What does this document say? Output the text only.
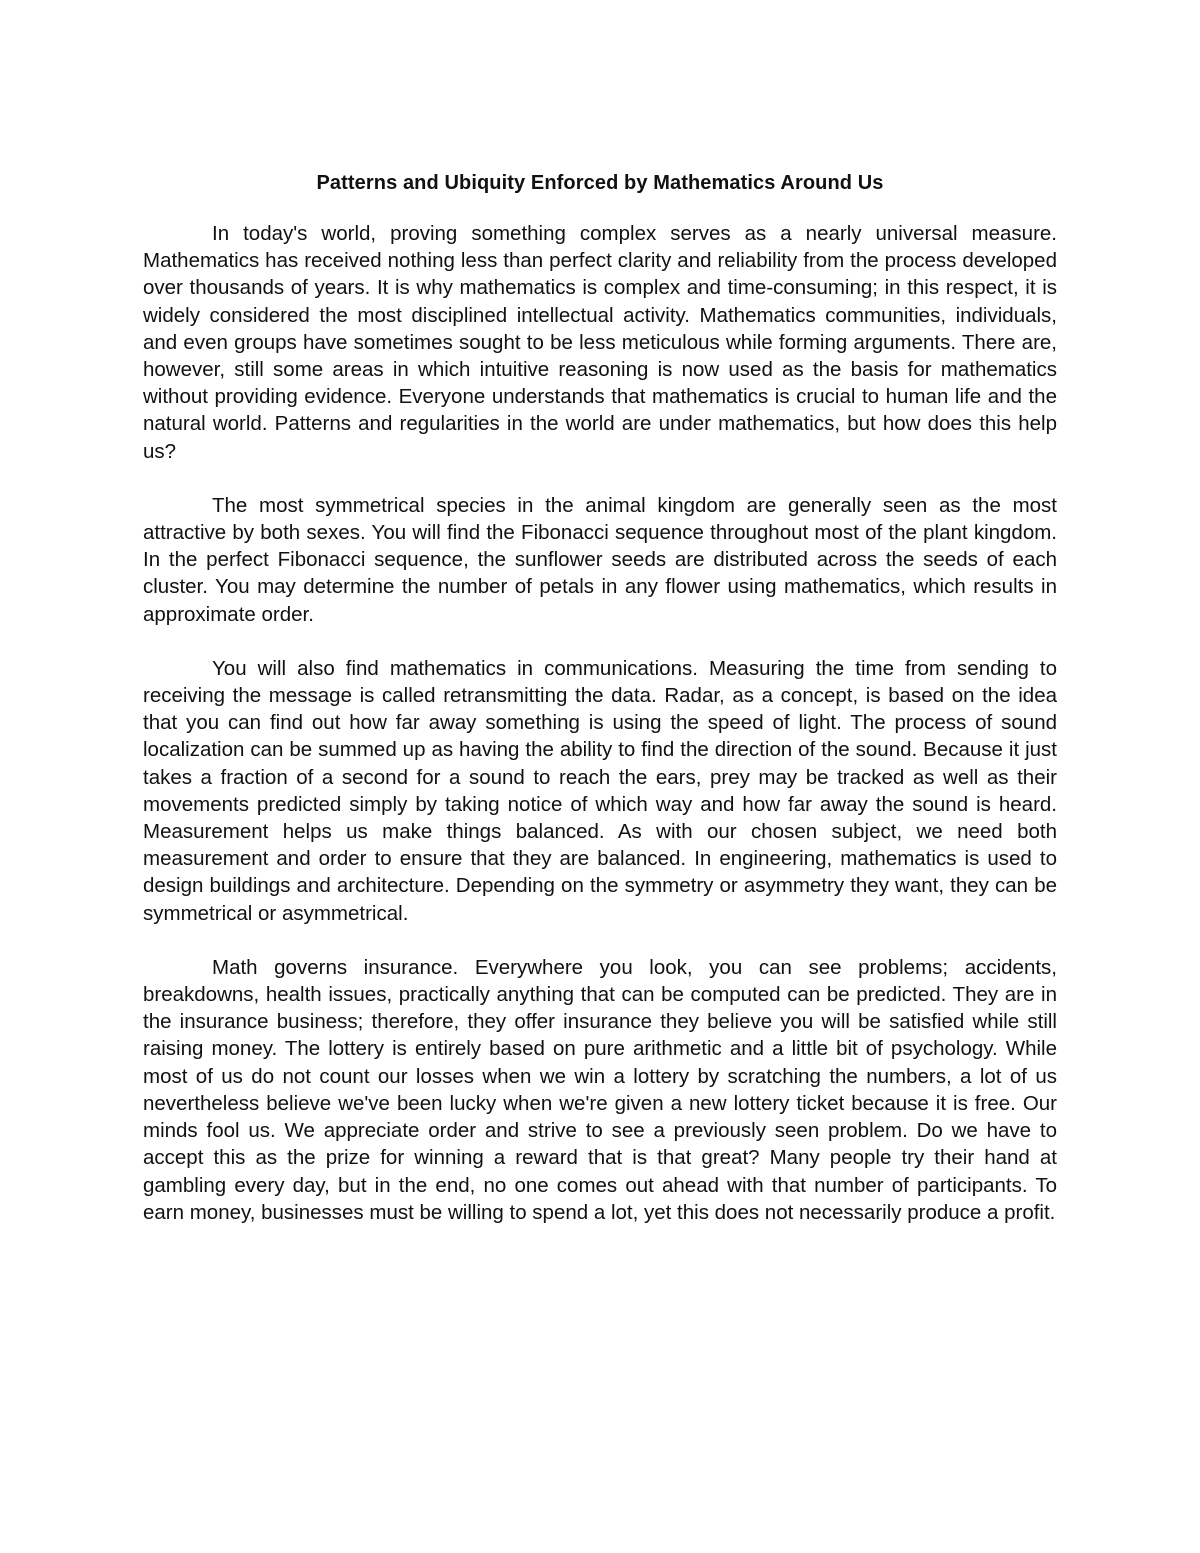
Patterns and Ubiquity Enforced by Mathematics Around Us

In today's world, proving something complex serves as a nearly universal measure. Mathematics has received nothing less than perfect clarity and reliability from the process developed over thousands of years. It is why mathematics is complex and time-consuming; in this respect, it is widely considered the most disciplined intellectual activity. Mathematics communities, individuals, and even groups have sometimes sought to be less meticulous while forming arguments. There are, however, still some areas in which intuitive reasoning is now used as the basis for mathematics without providing evidence. Everyone understands that mathematics is crucial to human life and the natural world. Patterns and regularities in the world are under mathematics, but how does this help us?

The most symmetrical species in the animal kingdom are generally seen as the most attractive by both sexes. You will find the Fibonacci sequence throughout most of the plant kingdom. In the perfect Fibonacci sequence, the sunflower seeds are distributed across the seeds of each cluster. You may determine the number of petals in any flower using mathematics, which results in approximate order.

You will also find mathematics in communications. Measuring the time from sending to receiving the message is called retransmitting the data. Radar, as a concept, is based on the idea that you can find out how far away something is using the speed of light. The process of sound localization can be summed up as having the ability to find the direction of the sound. Because it just takes a fraction of a second for a sound to reach the ears, prey may be tracked as well as their movements predicted simply by taking notice of which way and how far away the sound is heard. Measurement helps us make things balanced. As with our chosen subject, we need both measurement and order to ensure that they are balanced. In engineering, mathematics is used to design buildings and architecture. Depending on the symmetry or asymmetry they want, they can be symmetrical or asymmetrical.

Math governs insurance. Everywhere you look, you can see problems; accidents, breakdowns, health issues, practically anything that can be computed can be predicted. They are in the insurance business; therefore, they offer insurance they believe you will be satisfied while still raising money. The lottery is entirely based on pure arithmetic and a little bit of psychology. While most of us do not count our losses when we win a lottery by scratching the numbers, a lot of us nevertheless believe we've been lucky when we're given a new lottery ticket because it is free. Our minds fool us. We appreciate order and strive to see a previously seen problem. Do we have to accept this as the prize for winning a reward that is that great? Many people try their hand at gambling every day, but in the end, no one comes out ahead with that number of participants. To earn money, businesses must be willing to spend a lot, yet this does not necessarily produce a profit.
